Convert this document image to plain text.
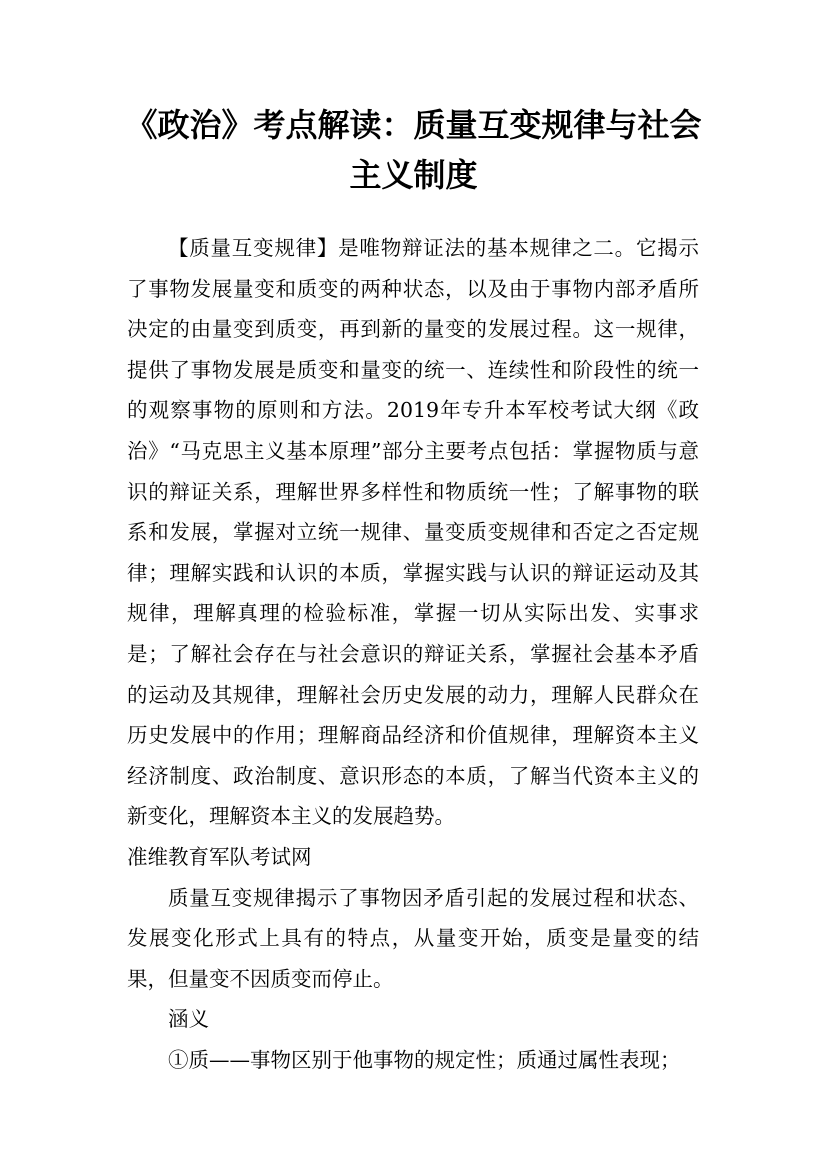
《政治》考点解读：质量互变规律与社会主义制度

【质量互变规律】是唯物辩证法的基本规律之二。它揭示了事物发展量变和质变的两种状态，以及由于事物内部矛盾所决定的由量变到质变，再到新的量变的发展过程。这一规律，提供了事物发展是质变和量变的统一、连续性和阶段性的统一的观察事物的原则和方法。2019年专升本军校考试大纲《政治》“马克思主义基本原理”部分主要考点包括：掌握物质与意识的辩证关系，理解世界多样性和物质统一性；了解事物的联系和发展，掌握对立统一规律、量变质变规律和否定之否定规律；理解实践和认识的本质，掌握实践与认识的辩证运动及其规律，理解真理的检验标准，掌握一切从实际出发、实事求是；了解社会存在与社会意识的辩证关系，掌握社会基本矛盾的运动及其规律，理解社会历史发展的动力，理解人民群众在历史发展中的作用；理解商品经济和价值规律，理解资本主义经济制度、政治制度、意识形态的本质，了解当代资本主义的新变化，理解资本主义的发展趋势。

准维教育军队考试网

质量互变规律揭示了事物因矛盾引起的发展过程和状态、发展变化形式上具有的特点，从量变开始，质变是量变的结果，但量变不因质变而停止。

涵义

①质——事物区别于他事物的规定性；质通过属性表现；
